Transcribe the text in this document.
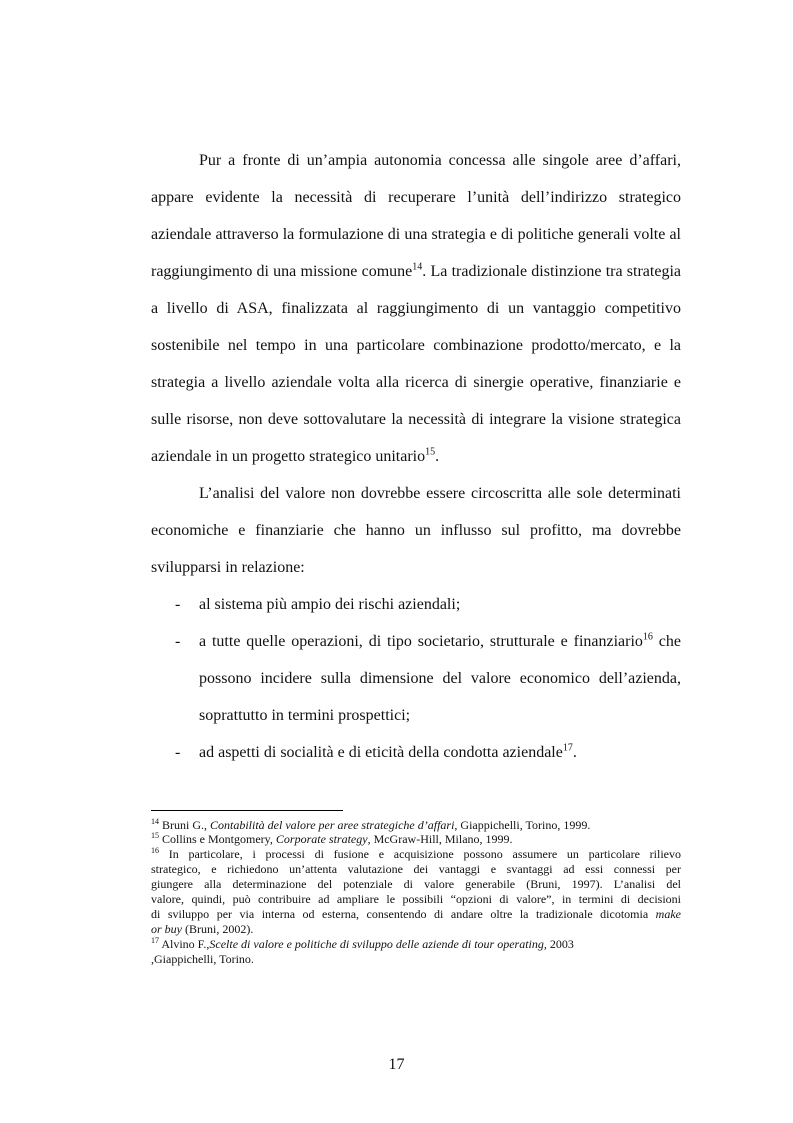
Pur a fronte di un’ampia autonomia concessa alle singole aree d’affari,
appare evidente la necessità di recuperare l’unità dell’indirizzo strategico
aziendale attraverso la formulazione di una strategia e di politiche generali volte al
raggiungimento di una missione comune$^{14}$. La tradizionale distinzione tra strategia
a livello di ASA, finalizzata al raggiungimento di un vantaggio competitivo
sostenibile nel tempo in una particolare combinazione prodotto/mercato, e la
strategia a livello aziendale volta alla ricerca di sinergie operative, finanziarie e
sulle risorse, non deve sottovalutare la necessità di integrare la visione strategica
aziendale in un progetto strategico unitario$^{15}$.
L’analisi del valore non dovrebbe essere circoscritta alle sole determinati
economiche e finanziarie che hanno un influsso sul profitto, ma dovrebbe
svilupparsi in relazione:
- al sistema più ampio dei rischi aziendali;
- a tutte quelle operazioni, di tipo societario, strutturale e finanziario$^{16}$ che
possono incidere sulla dimensione del valore economico dell’azienda,
soprattutto in termini prospettici;
- ad aspetti di socialità e di eticità della condotta aziendale$^{17}$.
$^{14}$ Bruni G., Contabilità del valore per aree strategiche d’affari, Giappichelli, Torino, 1999.
$^{15}$ Collins e Montgomery, Corporate strategy, McGraw-Hill, Milano, 1999.
$^{16}$ In particolare, i processi di fusione e acquisizione possono assumere un particolare rilievo
strategico, e richiedono un’attenta valutazione dei vantaggi e svantaggi ad essi connessi per
giungere alla determinazione del potenziale di valore generabile (Bruni, 1997). L’analisi del
valore, quindi, può contribuire ad ampliare le possibili “opzioni di valore”, in termini di decisioni
di sviluppo per via interna od esterna, consentendo di andare oltre la tradizionale dicotomia make
or buy (Bruni, 2002).
$^{17}$ Alvino F.,Scelte di valore e politiche di sviluppo delle aziende di tour operating, 2003
,Giappichelli, Torino.
17
